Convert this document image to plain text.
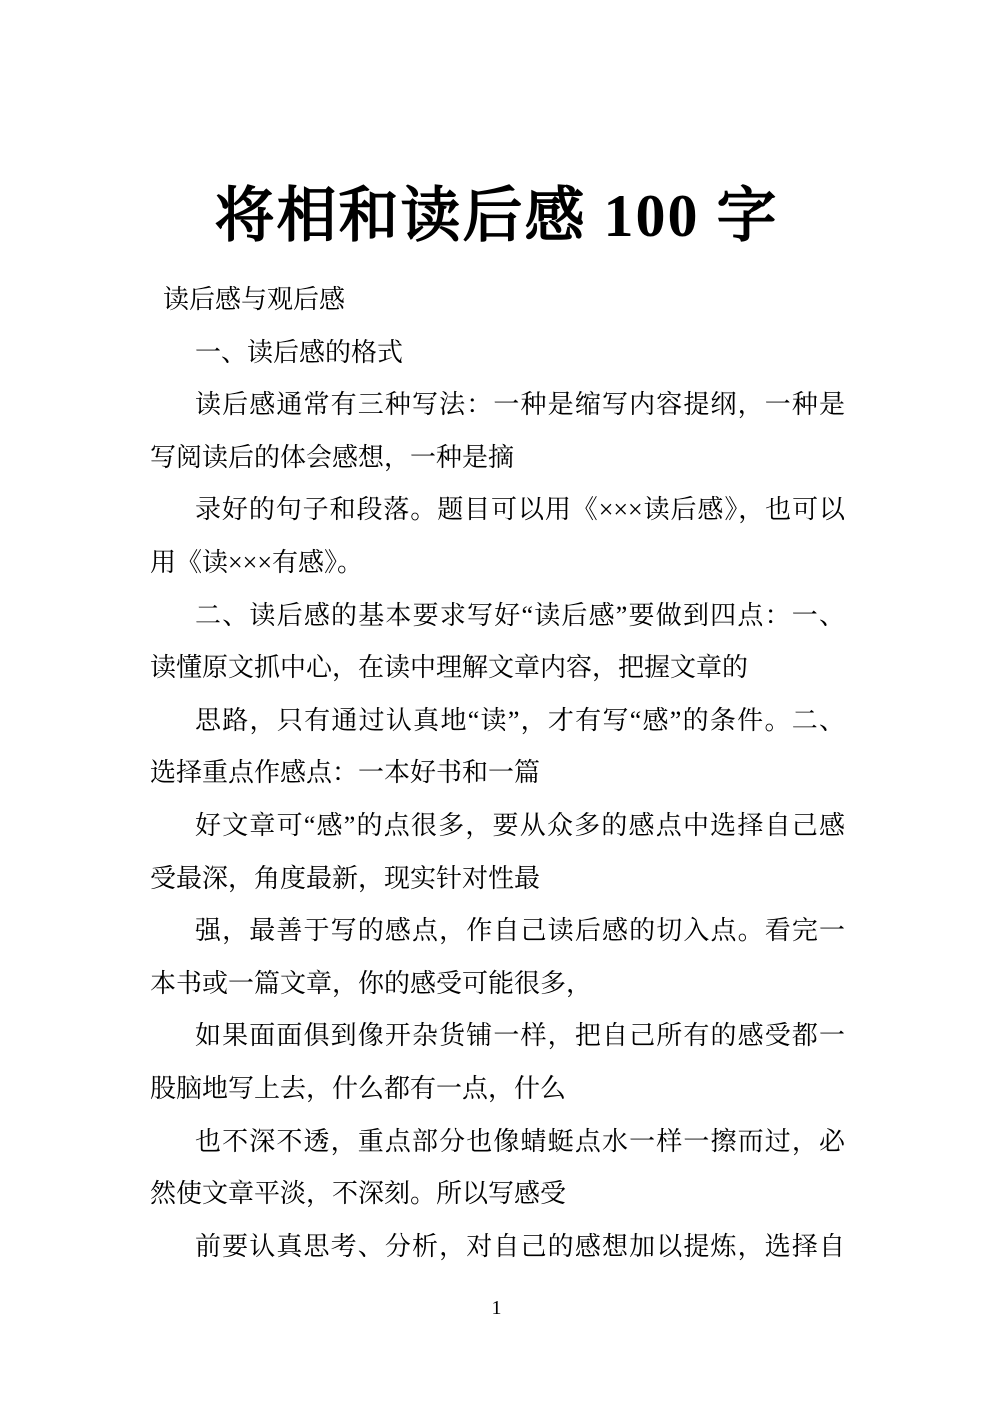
将相和读后感 100 字
读后感与观后感
一、读后感的格式
读后感通常有三种写法：一种是缩写内容提纲，一种是
写阅读后的体会感想，一种是摘
录好的句子和段落。题目可以用《×××读后感》，也可以
用《读×××有感》。
二、读后感的基本要求写好“读后感”要做到四点：一、
读懂原文抓中心，在读中理解文章内容，把握文章的
思路，只有通过认真地“读”，才有写“感”的条件。二、
选择重点作感点：一本好书和一篇
好文章可“感”的点很多，要从众多的感点中选择自己感
受最深，角度最新，现实针对性最
强，最善于写的感点，作自己读后感的切入点。看完一
本书或一篇文章，你的感受可能很多，
如果面面俱到像开杂货铺一样，把自己所有的感受都一
股脑地写上去，什么都有一点，什么
也不深不透，重点部分也像蜻蜓点水一样一擦而过，必
然使文章平淡，不深刻。所以写感受
前要认真思考、分析，对自己的感想加以提炼，选择自
1
